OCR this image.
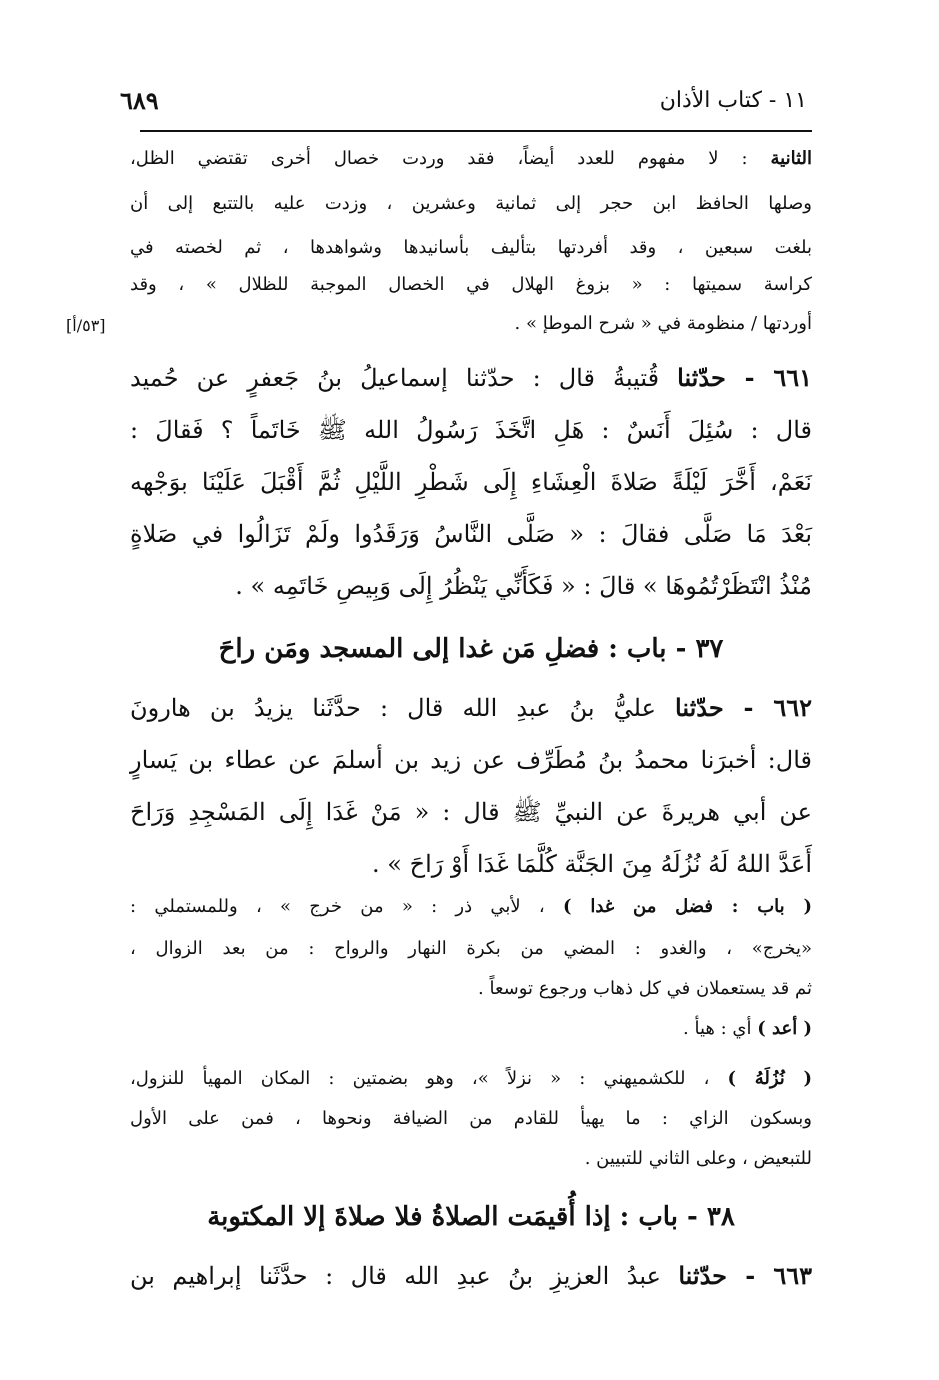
١١ - كتاب الأذان
٦٨٩
الثانية : لا مفهوم للعدد أيضاً، فقد وردت خصال أخرى تقتضي الظل،
وصلها الحافظ ابن حجر إلى ثمانية وعشرين ، وزدت عليه بالتتبع إلى أن
بلغت سبعين ، وقد أفردتها بتأليف بأسانيدها وشواهدها ، ثم لخصته في
كراسة سميتها : « بزوغ الهلال في الخصال الموجبة للظلال » ، وقد
أوردتها / منظومة في « شرح الموطإ » .
[٥٣/أ]
٦٦١ - حدّثنا قُتيبةُ قال : حدّثنا إسماعيلُ بنُ جَعفرٍ عن حُميد
قال : سُئِلَ أَنَسٌ : هَلِ اتَّخَذَ رَسُولُ الله ﷺ خَاتَماً ؟ فَقالَ :
نَعَمْ، أَخَّرَ لَيْلَةً صَلاةَ الْعِشَاءِ إِلَى شَطْرِ اللَّيْلِ ثُمَّ أَقْبَلَ عَلَيْنَا بوَجْهه
بَعْدَ مَا صَلَّى فقالَ : « صَلَّى النَّاسُ وَرَقَدُوا ولَمْ تَزَالُوا في صَلاةٍ
مُنْذُ انْتَظَرْتُمُوهَا » قالَ : « فَكَأَنِّي يَنْظُرُ إِلَى وَبِيصِ خَاتَمِه » .
٣٧ - باب : فضلِ مَن غدا إلى المسجد ومَن راحَ
٦٦٢ - حدّثنا عليُّ بنُ عبدِ الله قال : حدَّثَنا يزيدُ بن هارونَ
قال: أخبرَنا محمدُ بنُ مُطَرِّف عن زيد بن أسلمَ عن عطاء بن يَسارٍ
عن أبي هريرةَ عن النبيِّ ﷺ قال : « مَنْ غَدَا إِلَى المَسْجِدِ وَرَاحَ
أَعَدَّ اللهُ لَهُ نُزُلَهُ مِنَ الجَنَّة كُلَّمَا غَدَا أَوْ رَاحَ » .
( باب : فضل من غدا ) ، لأبي ذر : « من خرج » ، وللمستملي :
«يخرج» ، والغدو : المضي من بكرة النهار والرواح : من بعد الزوال ،
ثم قد يستعملان في كل ذهاب ورجوع توسعاً .
( أعد ) أي : هيأ .
( نُزُلَهُ ) ، للكشميهني : « نزلاً »، وهو بضمتين : المكان المهيأ للنزول،
وبسكون الزاي : ما يهيأ للقادم من الضيافة ونحوها ، فمن على الأول
للتبعيض ، وعلى الثاني للتبيين .
٣٨ - باب : إذا أُقيمَت الصلاةُ فلا صلاةَ إلا المكتوبة
٦٦٣ - حدّثنا عبدُ العزيزِ بنُ عبدِ الله قال : حدَّثَنا إبراهيم بن
